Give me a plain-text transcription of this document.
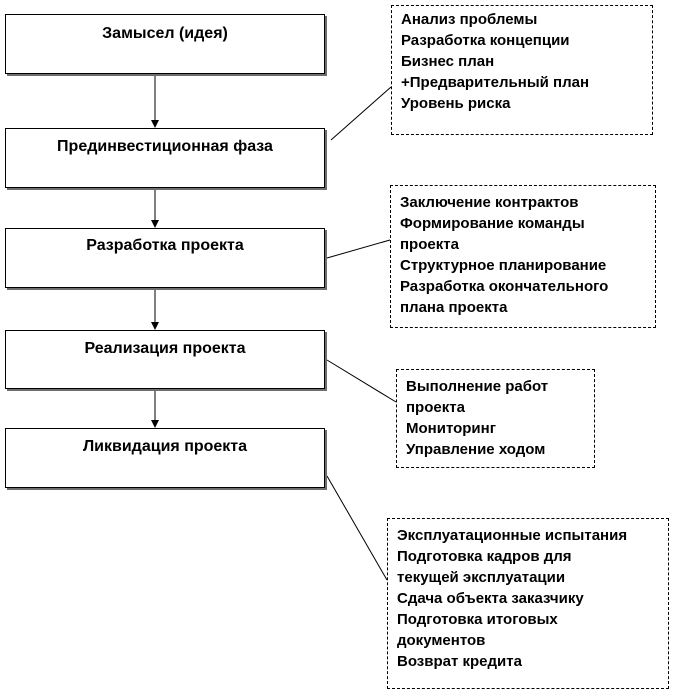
Замысел (идея)
Прединвестиционная фаза
Разработка проекта
Реализация проекта
Ликвидация проекта
Анализ проблемы
Разработка концепции
Бизнес план
+Предварительный план
Уровень риска
Заключение контрактов
Формирование команды
проекта
Структурное планирование
Разработка окончательного
плана проекта
Выполнение работ
проекта
Мониторинг
Управление ходом
Эксплуатационные испытания
Подготовка кадров для
текущей эксплуатации
Сдача объекта заказчику
Подготовка итоговых
документов
Возврат кредита
